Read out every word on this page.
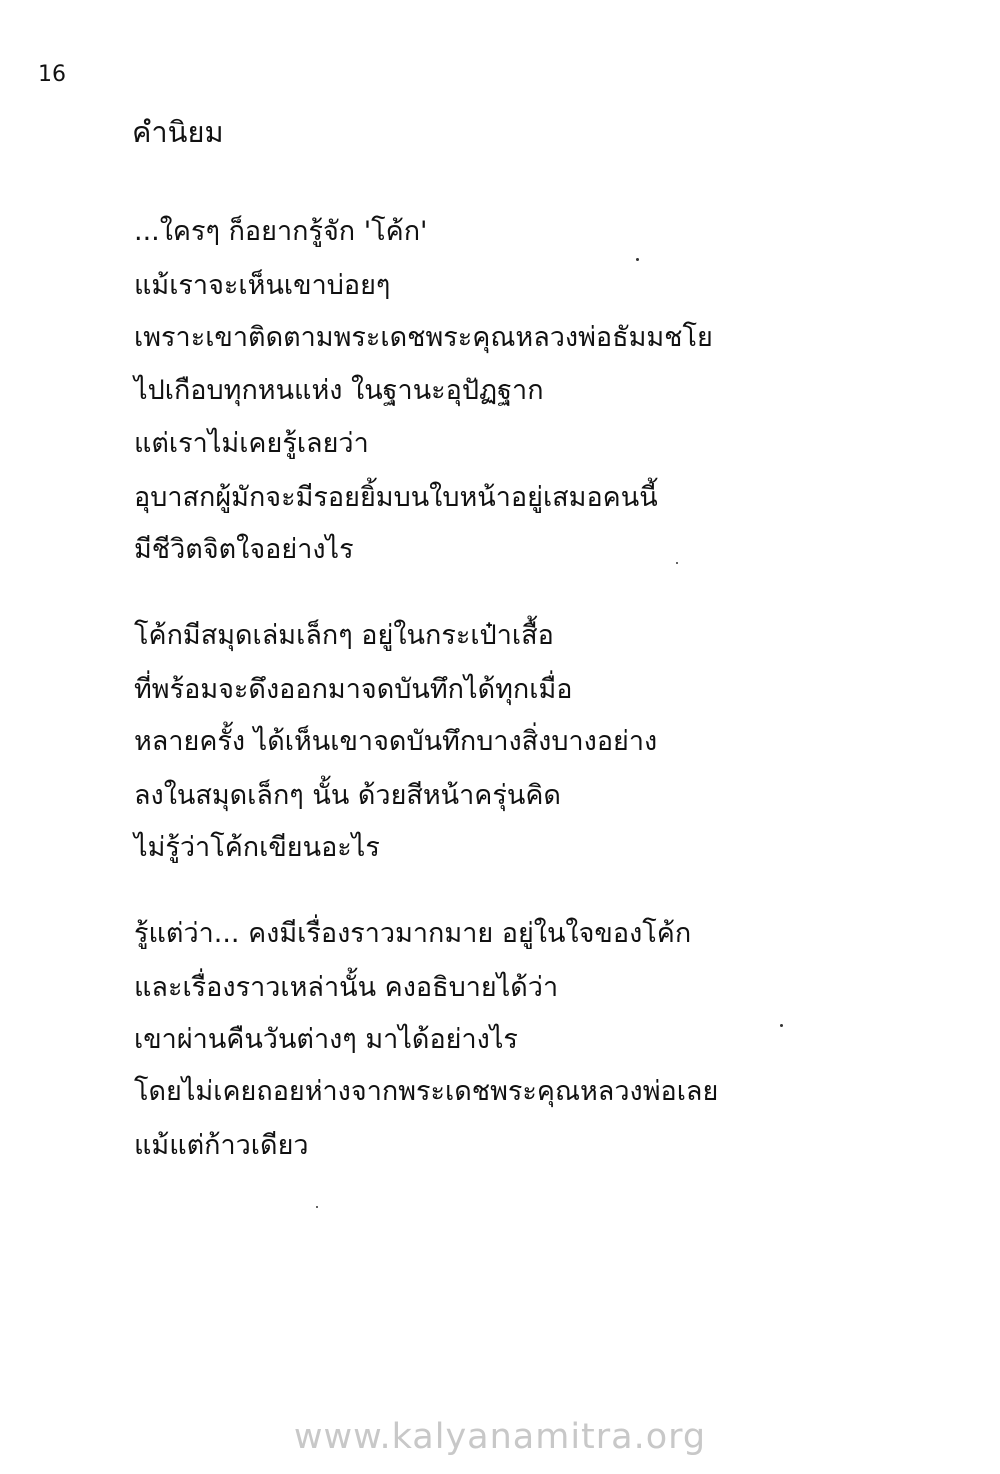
16
คำนิยม
...ใครๆ ก็อยากรู้จัก 'โค้ก'
แม้เราจะเห็นเขาบ่อยๆ
เพราะเขาติดตามพระเดชพระคุณหลวงพ่อธัมมชโย
ไปเกือบทุกหนแห่ง ในฐานะอุปัฏฐาก
แต่เราไม่เคยรู้เลยว่า
อุบาสกผู้มักจะมีรอยยิ้มบนใบหน้าอยู่เสมอคนนี้
มีชีวิตจิตใจอย่างไร
โค้กมีสมุดเล่มเล็กๆ อยู่ในกระเป๋าเสื้อ
ที่พร้อมจะดึงออกมาจดบันทึกได้ทุกเมื่อ
หลายครั้ง ได้เห็นเขาจดบันทึกบางสิ่งบางอย่าง
ลงในสมุดเล็กๆ นั้น ด้วยสีหน้าครุ่นคิด
ไม่รู้ว่าโค้กเขียนอะไร
รู้แต่ว่า... คงมีเรื่องราวมากมาย อยู่ในใจของโค้ก
และเรื่องราวเหล่านั้น คงอธิบายได้ว่า
เขาผ่านคืนวันต่างๆ มาได้อย่างไร
โดยไม่เคยถอยห่างจากพระเดชพระคุณหลวงพ่อเลย
แม้แต่ก้าวเดียว
www.kalyanamitra.org
